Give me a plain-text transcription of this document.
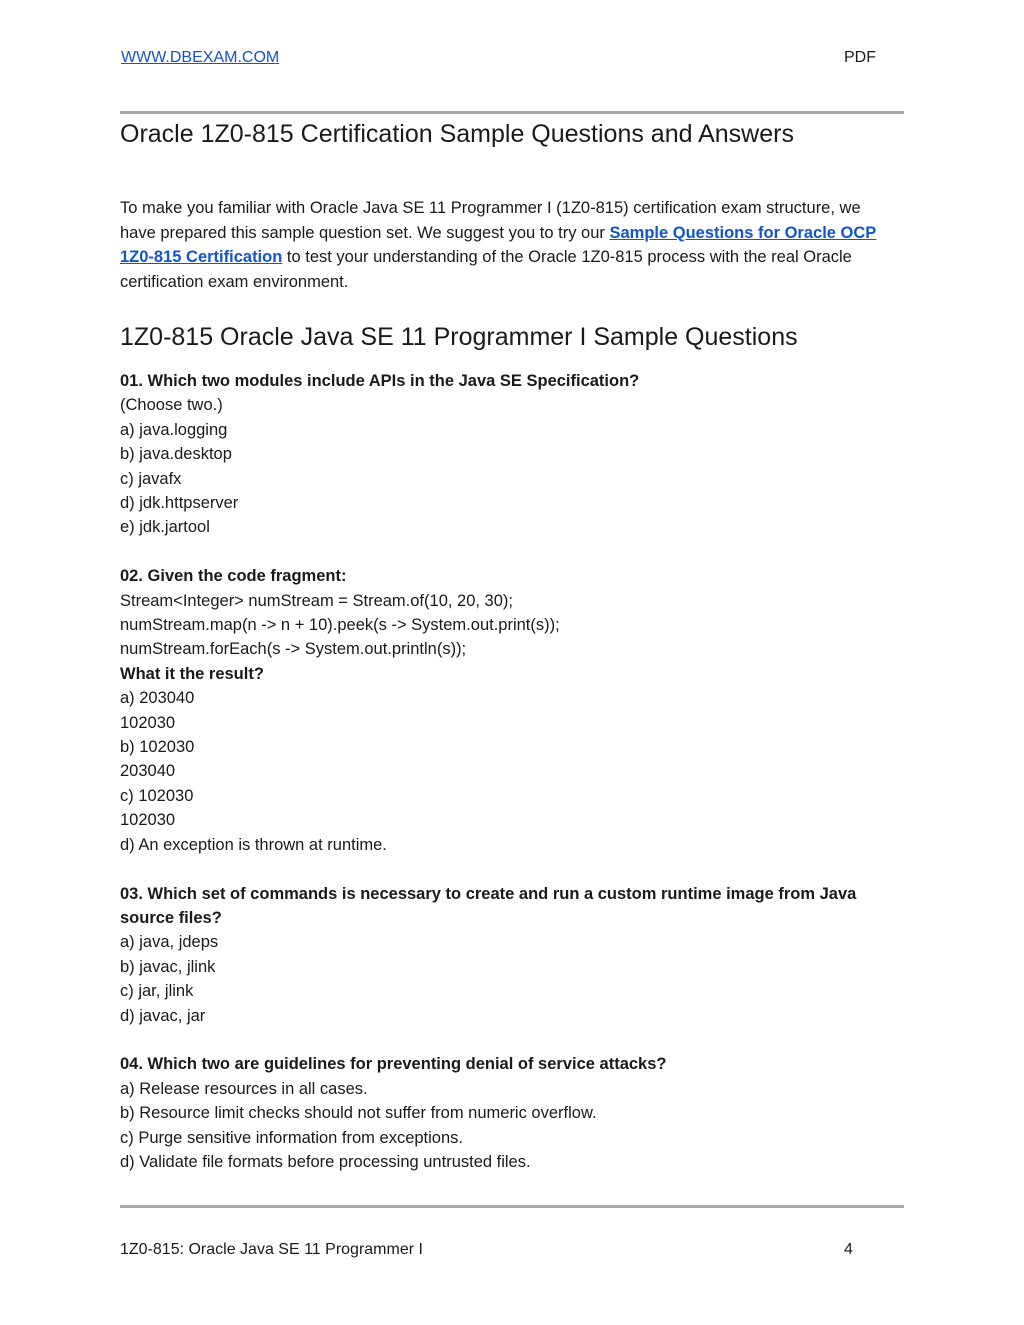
WWW.DBEXAM.COM	PDF
Oracle 1Z0-815 Certification Sample Questions and Answers

To make you familiar with Oracle Java SE 11 Programmer I (1Z0-815) certification exam structure, we have prepared this sample question set. We suggest you to try our Sample Questions for Oracle OCP 1Z0-815 Certification to test your understanding of the Oracle 1Z0-815 process with the real Oracle certification exam environment.

1Z0-815 Oracle Java SE 11 Programmer I Sample Questions

01. Which two modules include APIs in the Java SE Specification?

(Choose two.)

a) java.logging

b) java.desktop

c) javafx

d) jdk.httpserver

e) jdk.jartool

02. Given the code fragment:

Stream<Integer> numStream = Stream.of(10, 20, 30);

numStream.map(n -> n + 10).peek(s -> System.out.print(s));

numStream.forEach(s -> System.out.println(s));

What it the result?

a) 203040

102030

b) 102030

203040

c) 102030

102030

d) An exception is thrown at runtime.

03. Which set of commands is necessary to create and run a custom runtime image from Java source files?

a) java, jdeps

b) javac, jlink

c) jar, jlink

d) javac, jar

04. Which two are guidelines for preventing denial of service attacks?

a) Release resources in all cases.

b) Resource limit checks should not suffer from numeric overflow.

c) Purge sensitive information from exceptions.

d) Validate file formats before processing untrusted files.

1Z0-815: Oracle Java SE 11 Programmer I	4
